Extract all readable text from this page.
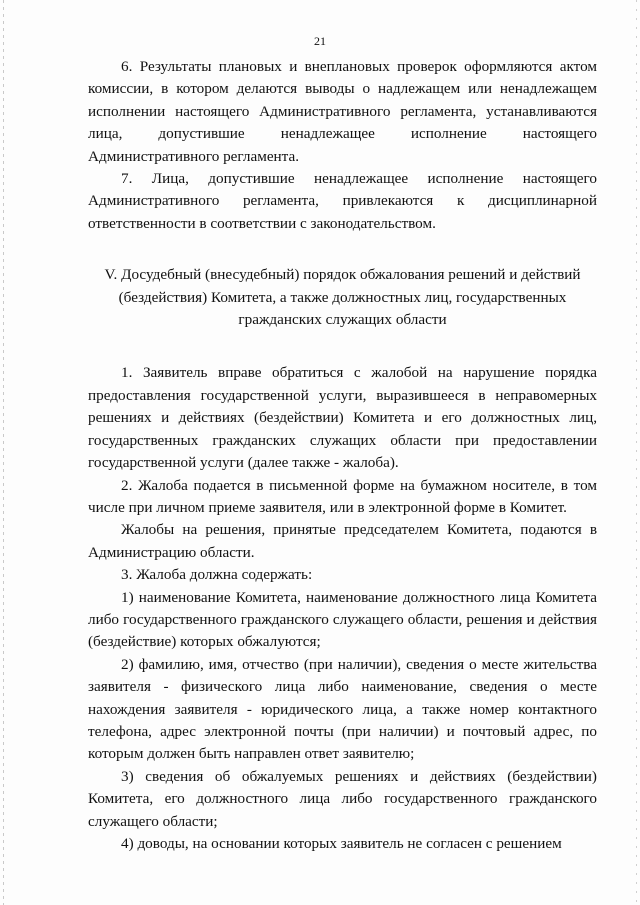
21

6. Результаты плановых и внеплановых проверок оформляются актом комиссии, в котором делаются выводы о надлежащем или ненадлежащем исполнении настоящего Административного регламента, устанавливаются лица, допустившие ненадлежащее исполнение настоящего Административного регламента.

7. Лица, допустившие ненадлежащее исполнение настоящего Административного регламента, привлекаются к дисциплинарной ответственности в соответствии с законодательством.

V. Досудебный (внесудебный) порядок обжалования решений и действий
(бездействия) Комитета, а также должностных лиц, государственных
гражданских служащих области

1. Заявитель вправе обратиться с жалобой на нарушение порядка предоставления государственной услуги, выразившееся в неправомерных решениях и действиях (бездействии) Комитета и его должностных лиц, государственных гражданских служащих области при предоставлении государственной услуги (далее также - жалоба).

2. Жалоба подается в письменной форме на бумажном носителе, в том числе при личном приеме заявителя, или в электронной форме в Комитет.

Жалобы на решения, принятые председателем Комитета, подаются в Администрацию области.

3. Жалоба должна содержать:

1) наименование Комитета, наименование должностного лица Комитета либо государственного гражданского служащего области, решения и действия (бездействие) которых обжалуются;

2) фамилию, имя, отчество (при наличии), сведения о месте жительства заявителя - физического лица либо наименование, сведения о месте нахождения заявителя - юридического лица, а также номер контактного телефона, адрес электронной почты (при наличии) и почтовый адрес, по которым должен быть направлен ответ заявителю;

3) сведения об обжалуемых решениях и действиях (бездействии) Комитета, его должностного лица либо государственного гражданского служащего области;

4) доводы, на основании которых заявитель не согласен с решением
